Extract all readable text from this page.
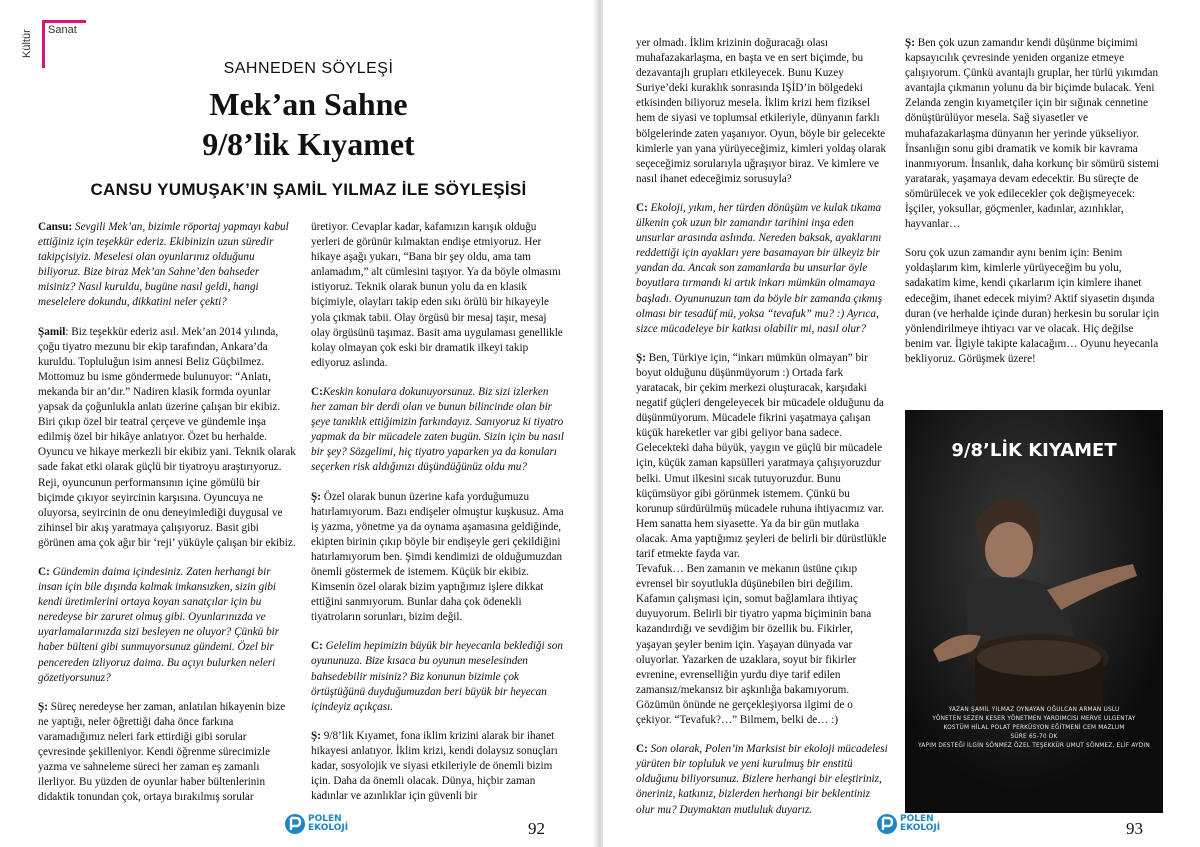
Sanat
Kültür
SAHNEDEN SÖYLEŞİ
Mek’an Sahne
9/8’lik Kıyamet
CANSU YUMUŞAK’IN ŞAMİL YILMAZ İLE SÖYLEŞİSİ

Cansu: Sevgili Mek’an, bizimle röportaj yapmayı kabul ettiğiniz için teşekkür ederiz. Ekibinizin uzun süredir takipçisiyiz. Meselesi olan oyunlarınız olduğunu biliyoruz. Bize biraz Mek’an Sahne’den bahseder misiniz? Nasıl kuruldu, bugüne nasıl geldi, hangi meselelere dokundu, dikkatini neler çekti?

Şamil: Biz teşekkür ederiz asıl. Mek’an 2014 yılında, çoğu tiyatro mezunu bir ekip tarafından, Ankara’da kuruldu. Topluluğun isim annesi Beliz Güçbilmez. Mottomuz bu isme göndermede bulunuyor: “Anlatı, mekanda bir an’dır.” Nadiren klasik formda oyunlar yapsak da çoğunlukla anlatı üzerine çalışan bir ekibiz. Biri çıkıp özel bir teatral çerçeve ve gündemle inşa edilmiş özel bir hikâye anlatıyor. Özet bu herhalde. Oyuncu ve hikaye merkezli bir ekibiz yani. Teknik olarak sade fakat etki olarak güçlü bir tiyatroyu araştırıyoruz. Reji, oyuncunun performansının içine gömülü bir biçimde çıkıyor seyircinin karşısına. Oyuncuya ne oluyorsa, seyircinin de onu deneyimlediği duygusal ve zihinsel bir akış yaratmaya çalışıyoruz. Basit gibi görünen ama çok ağır bir ‘reji’ yüküyle çalışan bir ekibiz.

C: Gündemin daima içindesiniz. Zaten herhangi bir insan için bile dışında kalmak imkansızken, sizin gibi kendi üretimlerini ortaya koyan sanatçılar için bu neredeyse bir zaruret olmuş gibi. Oyunlarınızda ve uyarlamalarınızda sizi besleyen ne oluyor? Çünkü bir haber bülteni gibi sunmuyorsunuz gündemi. Özel bir pencereden izliyoruz daima. Bu açıyı bulurken neleri gözetiyorsunuz?

Ş: Süreç neredeyse her zaman, anlatılan hikayenin bize ne yaptığı, neler öğrettiği daha önce farkına varamadığımız neleri fark ettirdiği gibi sorular çevresinde şekilleniyor. Kendi öğrenme sürecimizle yazma ve sahneleme süreci her zaman eş zamanlı ilerliyor. Bu yüzden de oyunlar haber bültenlerinin didaktik tonundan çok, ortaya bırakılmış sorular

üretiyor. Cevaplar kadar, kafamızın karışık olduğu yerleri de görünür kılmaktan endişe etmiyoruz. Her hikaye aşağı yukarı, “Bana bir şey oldu, ama tam anlamadım,” alt cümlesini taşıyor. Ya da böyle olmasını istiyoruz. Teknik olarak bunun yolu da en klasik biçimiyle, olayları takip eden sıkı örülü bir hikayeyle yola çıkmak tabii. Olay örgüsü bir mesaj taşır, mesaj olay örgüsünü taşımaz. Basit ama uygulaması genellikle kolay olmayan çok eski bir dramatik ilkeyi takip ediyoruz aslında.

C:Keskin konulara dokunuyorsunuz. Biz sizi izlerken her zaman bir derdi olan ve bunun bilincinde olan bir şeye tanıklık ettiğimizin farkındayız. Sanıyoruz ki tiyatro yapmak da bir mücadele zaten bugün. Sizin için bu nasıl bir şey? Sözgelimi, hiç tiyatro yaparken ya da konuları seçerken risk aldığınızı düşündüğünüz oldu mu?

Ş: Özel olarak bunun üzerine kafa yorduğumuzu hatırlamıyorum. Bazı endişeler olmuştur kuşkusuz. Ama iş yazma, yönetme ya da oynama aşamasına geldiğinde, ekipten birinin çıkıp böyle bir endişeyle geri çekildiğini hatırlamıyorum ben. Şimdi kendimizi de olduğumuzdan önemli göstermek de istemem. Küçük bir ekibiz. Kimsenin özel olarak bizim yaptığımız işlere dikkat ettiğini sanmıyorum. Bunlar daha çok ödenekli tiyatroların sorunları, bizim değil.

C: Gelelim hepimizin büyük bir heyecanla beklediği son oyununuza. Bize kısaca bu oyunun meselesinden bahsedebilir misiniz? Biz konunun bizimle çok örtüştüğünü duyduğumuzdan beri büyük bir heyecan içindeyiz açıkçası.

Ş: 9/8’lik Kıyamet, fona iklim krizini alarak bir ihanet hikayesi anlatıyor. İklim krizi, kendi dolaysız sonuçları kadar, sosyolojik ve siyasi etkileriyle de önemli bizim için. Daha da önemli olacak. Dünya, hiçbir zaman kadınlar ve azınlıklar için güvenli bir

POLEN
EKOLOJİ	92

yer olmadı. İklim krizinin doğuracağı olası muhafazakarlaşma, en başta ve en sert biçimde, bu dezavantajlı grupları etkileyecek. Bunu Kuzey Suriye’deki kuraklık sonrasında IŞİD’in bölgedeki etkisinden biliyoruz mesela. İklim krizi hem fiziksel hem de siyasi ve toplumsal etkileriyle, dünyanın farklı bölgelerinde zaten yaşanıyor. Oyun, böyle bir gelecekte kimlerle yan yana yürüyeceğimiz, kimleri yoldaş olarak seçeceğimiz sorularıyla uğraşıyor biraz. Ve kimlere ve nasıl ihanet edeceğimiz sorusuyla?

C: Ekoloji, yıkım, her türden dönüşüm ve kulak tıkama ülkenin çok uzun bir zamandır tarihini inşa eden unsurlar arasında aslında. Nereden baksak, ayaklarını reddettiği için ayakları yere basamayan bir ülkeyiz bir yandan da. Ancak son zamanlarda bu unsurlar öyle boyutlara tırmandı ki artık inkarı mümkün olmamaya başladı. Oyununuzun tam da böyle bir zamanda çıkmış olması bir tesadüf mü, yoksa “tevafuk” mu? :) Ayrıca, sizce mücadeleye bir katkısı olabilir mi, nasıl olur?

Ş: Ben, Türkiye için, “inkarı mümkün olmayan” bir boyut olduğunu düşünmüyorum :) Ortada fark yaratacak, bir çekim merkezi oluşturacak, karşıdaki negatif güçleri dengeleyecek bir mücadele olduğunu da düşünmüyorum. Mücadele fikrini yaşatmaya çalışan küçük hareketler var gibi geliyor bana sadece. Gelecekteki daha büyük, yaygın ve güçlü bir mücadele için, küçük zaman kapsülleri yaratmaya çalışıyoruzdur belki. Umut ilkesini sıcak tutuyoruzdur. Bunu küçümsüyor gibi görünmek istemem. Çünkü bu korunup sürdürülmüş mücadele ruhuna ihtiyacımız var. Hem sanatta hem siyasette. Ya da bir gün mutlaka olacak. Ama yaptığımız şeyleri de belirli bir dürüstlükle tarif etmekte fayda var.

Tevafuk… Ben zamanın ve mekanın üstüne çıkıp evrensel bir soyutlukla düşünebilen biri değilim. Kafamın çalışması için, somut bağlamlara ihtiyaç duyuyorum. Belirli bir tiyatro yapma biçiminin bana kazandırdığı ve sevdiğim bir özellik bu. Fikirler, yaşayan şeyler benim için. Yaşayan dünyada var oluyorlar. Yazarken de uzaklara, soyut bir fikirler evrenine, evrenselliğin yurdu diye tarif edilen zamansız/mekansız bir aşkınlığa bakamıyorum. Gözümün önünde ne gerçekleşiyorsa ilgimi de o çekiyor. “Tevafuk?…” Bilmem, belki de… :)

C: Son olarak, Polen’in Marksist bir ekoloji mücadelesi yürüten bir topluluk ve yeni kurulmuş bir enstitü olduğunu biliyorsunuz. Bizlere herhangi bir eleştiriniz, öneriniz, katkınız, bizlerden herhangi bir beklentiniz olur mu? Duymaktan mutluluk duyarız.

Ş: Ben çok uzun zamandır kendi düşünme biçimimi kapsayıcılık çevresinde yeniden organize etmeye çalışıyorum. Çünkü avantajlı gruplar, her türlü yıkımdan avantajla çıkmanın yolunu da bir biçimde bulacak. Yeni Zelanda zengin kıyametçiler için bir sığınak cennetine dönüştürülüyor mesela. Sağ siyasetler ve muhafazakarlaşma dünyanın her yerinde yükseliyor. İnsanlığın sonu gibi dramatik ve komik bir kavrama inanmıyorum. İnsanlık, daha korkunç bir sömürü sistemi yaratarak, yaşamaya devam edecektir. Bu süreçte de sömürülecek ve yok edilecekler çok değişmeyecek: İşçiler, yoksullar, göçmenler, kadınlar, azınlıklar, hayvanlar…

Soru çok uzun zamandır aynı benim için: Benim yoldaşlarım kim, kimlerle yürüyeceğim bu yolu, sadakatim kime, kendi çıkarlarım için kimlere ihanet edeceğim, ihanet edecek miyim? Aktif siyasetin dışında duran (ve herhalde içinde duran) herkesin bu sorular için yönlendirilmeye ihtiyacı var ve olacak. Hiç değilse benim var. İlgiyle takipte kalacağım… Oyunu heyecanla bekliyoruz. Görüşmek üzere!

9/8’LİK KIYAMET
YAZAN ŞAMİL YILMAZ OYNAYAN OĞULCAN ARMAN USLU
YÖNETEN SEZEN KESER YÖNETMEN YARDIMCISI MERVE ULGENTAY
KOSTÜM HİLAL POLAT PERKÜSYON EĞİTMENİ CEM MAZLUM
SÜRE 65-70 DK
YAPIM DESTEĞİ İLGİN SÖNMEZ ÖZEL TEŞEKKÜR UMUT SÖNMEZ, ELİF AYDIN
POLEN
EKOLOJİ	93
